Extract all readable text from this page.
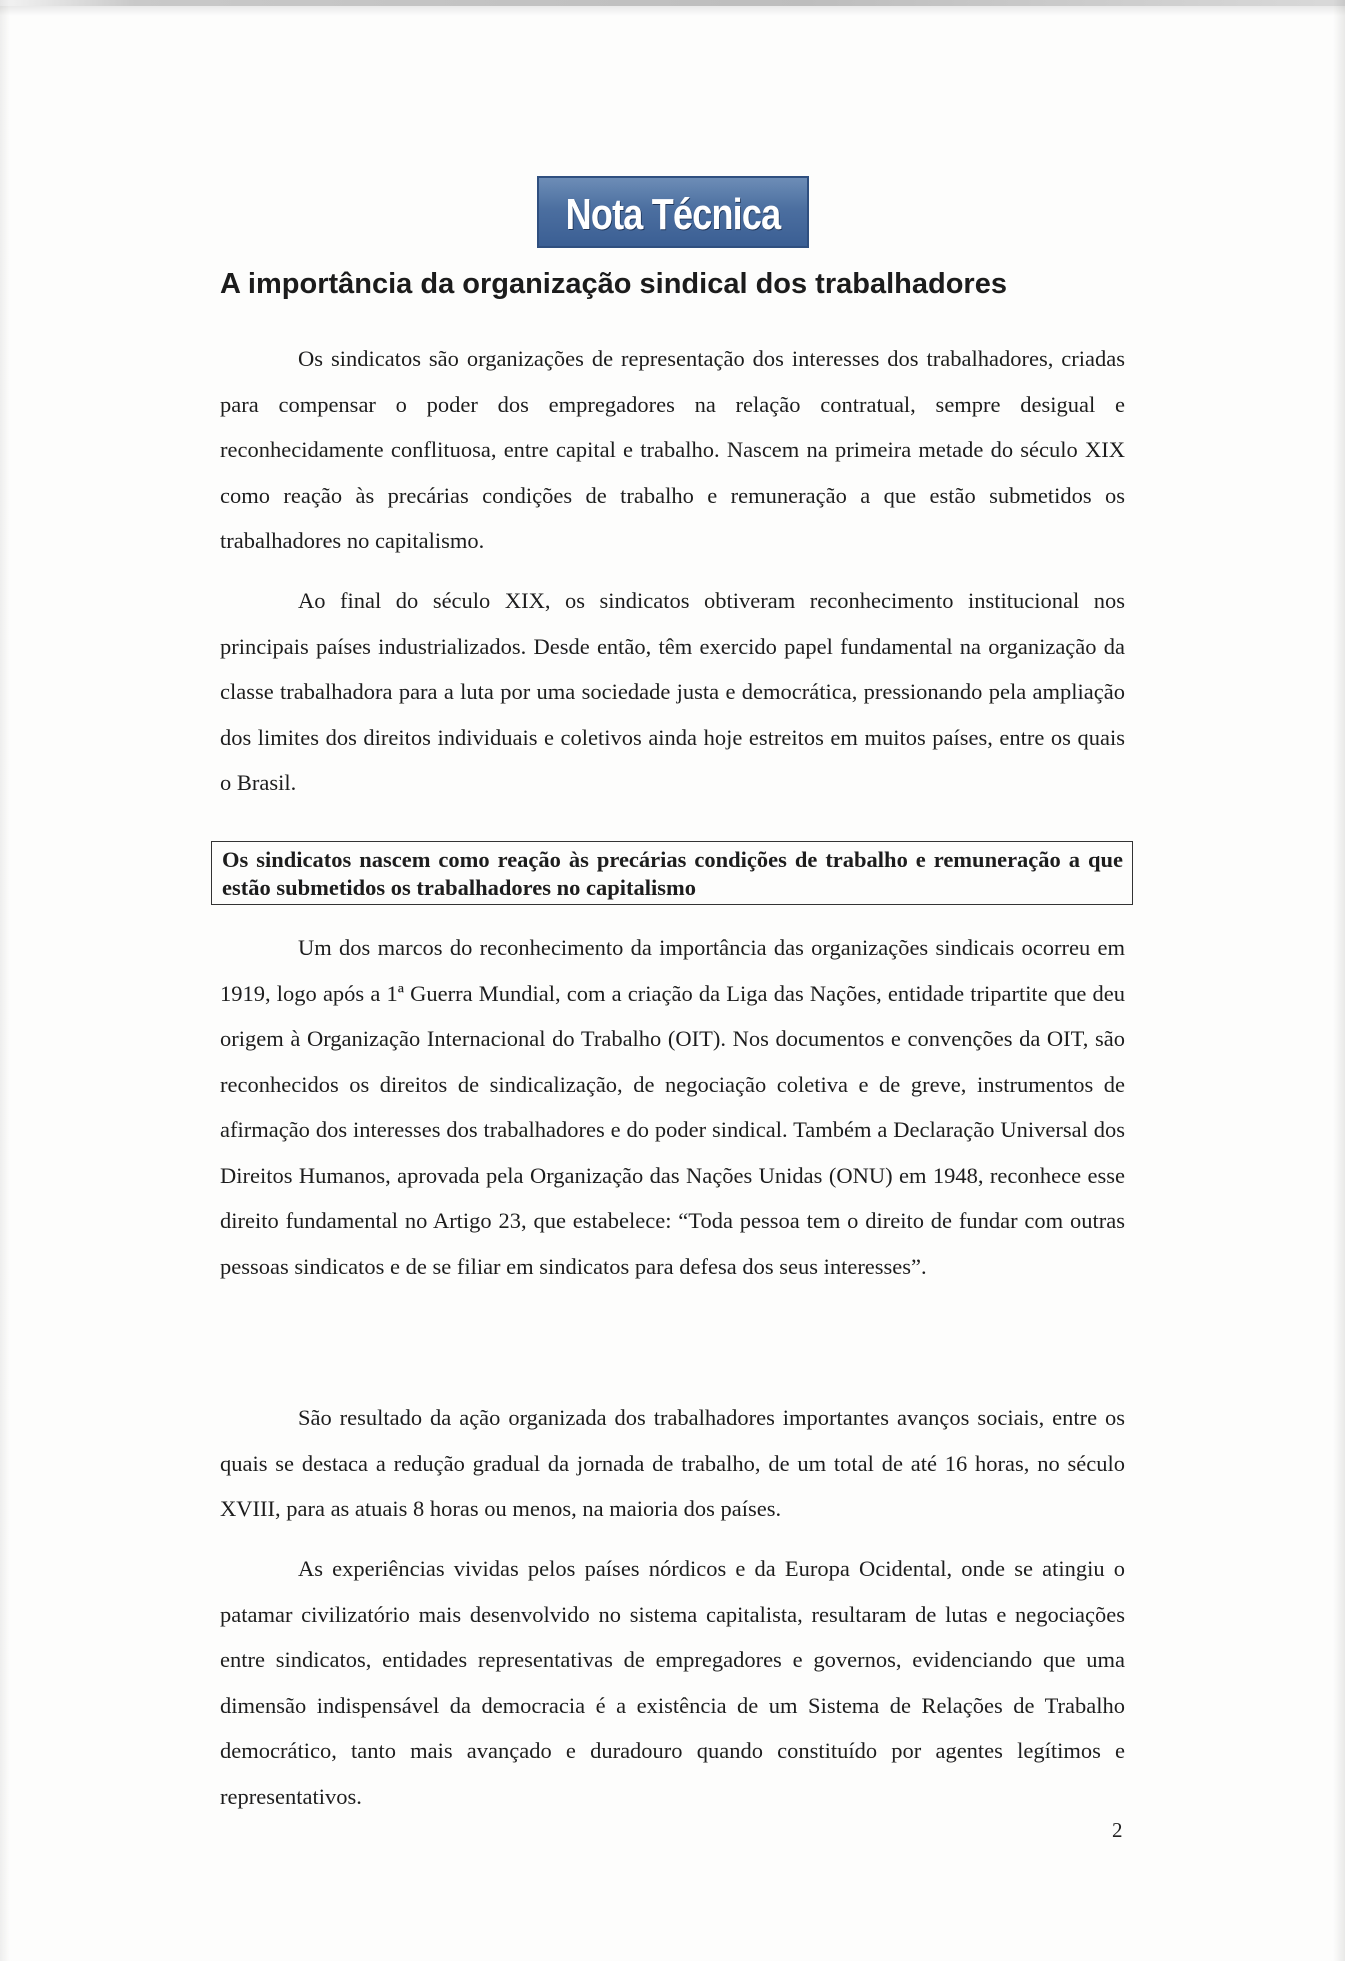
Nota Técnica
A importância da organização sindical dos trabalhadores

Os sindicatos são organizações de representação dos interesses dos trabalhadores, criadas para compensar o poder dos empregadores na relação contratual, sempre desigual e reconhecidamente conflituosa, entre capital e trabalho. Nascem na primeira metade do século XIX como reação às precárias condições de trabalho e remuneração a que estão submetidos os trabalhadores no capitalismo.

Ao final do século XIX, os sindicatos obtiveram reconhecimento institucional nos principais países industrializados. Desde então, têm exercido papel fundamental na organização da classe trabalhadora para a luta por uma sociedade justa e democrática, pressionando pela ampliação dos limites dos direitos individuais e coletivos ainda hoje estreitos em muitos países, entre os quais o Brasil.

Os sindicatos nascem como reação às precárias condições de trabalho e remuneração a que estão submetidos os trabalhadores no capitalismo

Um dos marcos do reconhecimento da importância das organizações sindicais ocorreu em 1919, logo após a 1ª Guerra Mundial, com a criação da Liga das Nações, entidade tripartite que deu origem à Organização Internacional do Trabalho (OIT). Nos documentos e convenções da OIT, são reconhecidos os direitos de sindicalização, de negociação coletiva e de greve, instrumentos de afirmação dos interesses dos trabalhadores e do poder sindical. Também a Declaração Universal dos Direitos Humanos, aprovada pela Organização das Nações Unidas (ONU) em 1948, reconhece esse direito fundamental no Artigo 23, que estabelece: “Toda pessoa tem o direito de fundar com outras pessoas sindicatos e de se filiar em sindicatos para defesa dos seus interesses”.

São resultado da ação organizada dos trabalhadores importantes avanços sociais, entre os quais se destaca a redução gradual da jornada de trabalho, de um total de até 16 horas, no século XVIII, para as atuais 8 horas ou menos, na maioria dos países.

As experiências vividas pelos países nórdicos e da Europa Ocidental, onde se atingiu o patamar civilizatório mais desenvolvido no sistema capitalista, resultaram de lutas e negociações entre sindicatos, entidades representativas de empregadores e governos, evidenciando que uma dimensão indispensável da democracia é a existência de um Sistema de Relações de Trabalho democrático, tanto mais avançado e duradouro quando constituído por agentes legítimos e representativos.

2
